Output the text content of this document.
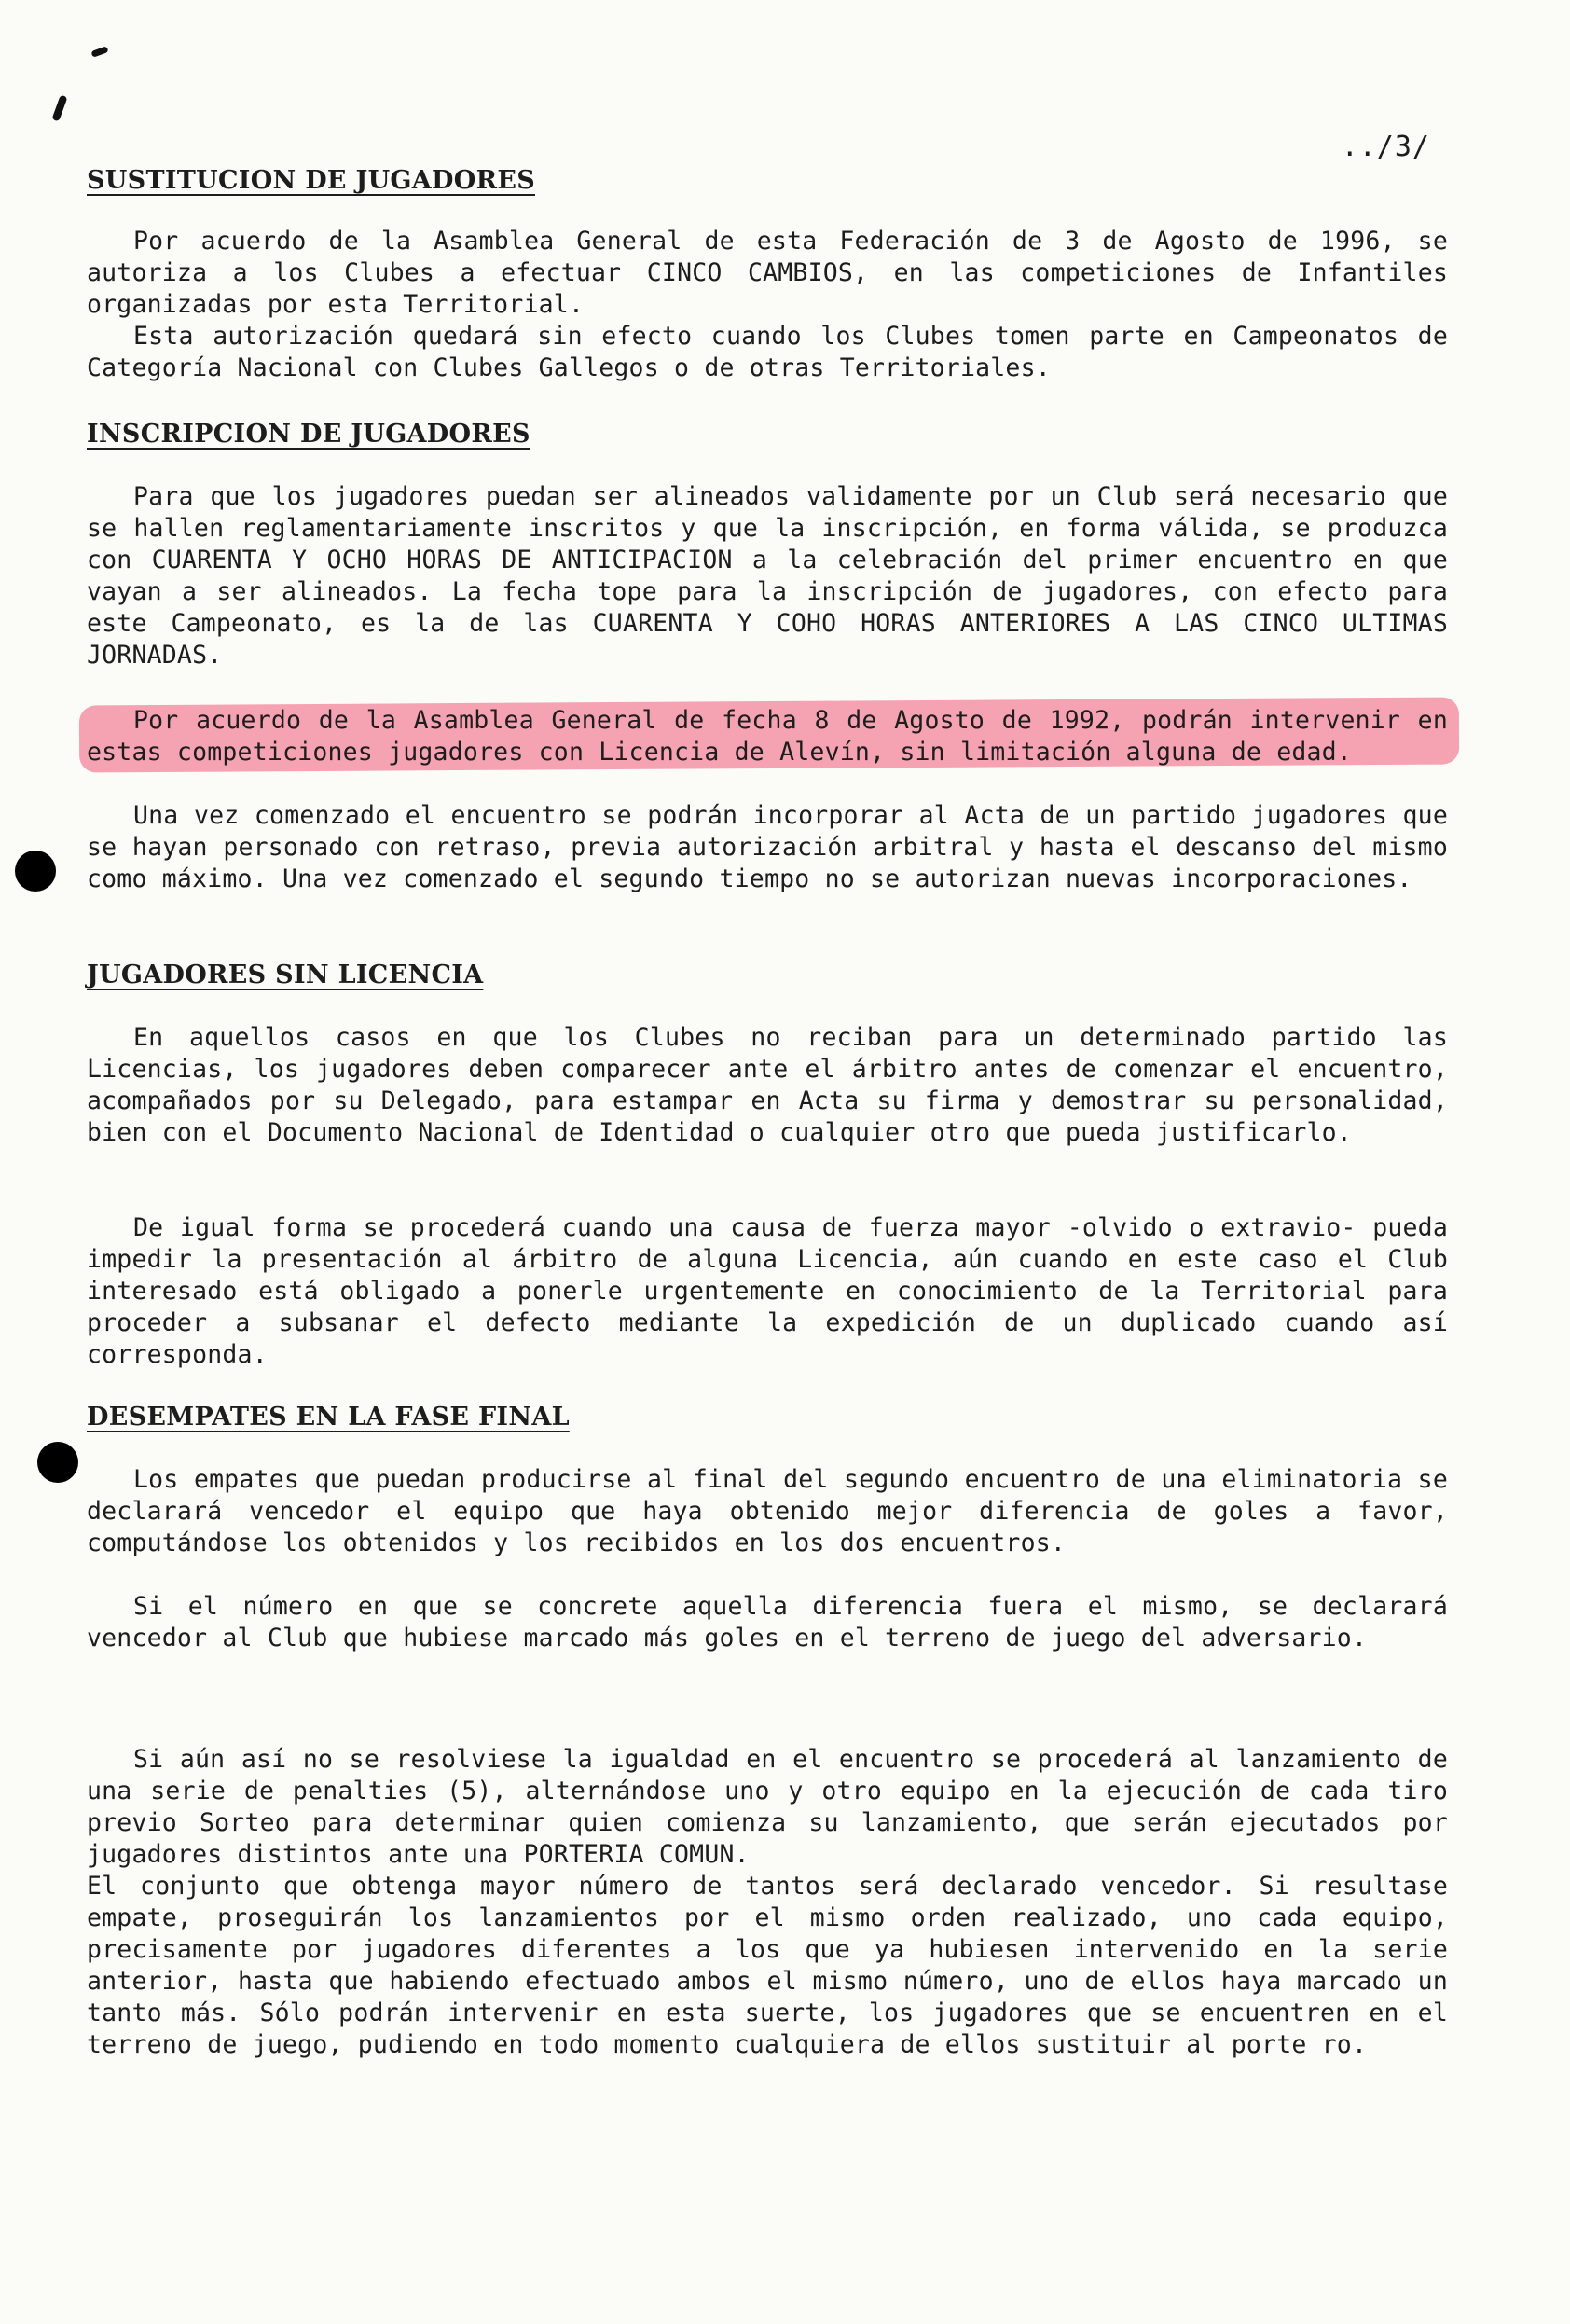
../3/
SUSTITUCION DE JUGADORES

Por acuerdo de la Asamblea General de esta Federación de 3 de Agosto de 1996, se autoriza a los Clubes a efectuar CINCO CAMBIOS, en las competiciones de Infantiles organizadas por esta Territorial.

Esta autorización quedará sin efecto cuando los Clubes tomen parte en Campeonatos de Categoría Nacional con Clubes Gallegos o de otras Territoriales.

INSCRIPCION DE JUGADORES

Para que los jugadores puedan ser alineados validamente por un Club será necesario que se hallen reglamentariamente inscritos y que la inscripción, en forma válida, se produzca con CUARENTA Y OCHO HORAS DE ANTICIPACION a la celebración del primer encuentro en que vayan a ser alineados. La fecha tope para la inscripción de jugadores, con efecto para este Campeonato, es la de las CUARENTA Y COHO HORAS ANTERIORES A LAS CINCO ULTIMAS JORNADAS.

Por acuerdo de la Asamblea General de fecha 8 de Agosto de 1992, podrán intervenir en estas competiciones jugadores con Licencia de Alevín, sin limitación alguna de edad.

Una vez comenzado el encuentro se podrán incorporar al Acta de un partido jugadores que se hayan personado con retraso, previa autorización arbitral y hasta el descanso del mismo como máximo. Una vez comenzado el segundo tiempo no se autorizan nuevas incorporaciones.

JUGADORES SIN LICENCIA

En aquellos casos en que los Clubes no reciban para un determinado partido las Licencias, los jugadores deben comparecer ante el árbitro antes de comenzar el encuentro, acompañados por su Delegado, para estampar en Acta su firma y demostrar su personalidad, bien con el Documento Nacional de Identidad o cualquier otro que pueda justificarlo.

De igual forma se procederá cuando una causa de fuerza mayor -olvido o extravio- pueda impedir la presentación al árbitro de alguna Licencia, aún cuando en este caso el Club interesado está obligado a ponerle urgentemente en conocimiento de la Territorial para proceder a subsanar el defecto mediante la expedición de un duplicado cuando así corresponda.

DESEMPATES EN LA FASE FINAL

Los empates que puedan producirse al final del segundo encuentro de una eliminatoria se declarará vencedor el equipo que haya obtenido mejor diferencia de goles a favor, computándose los obtenidos y los recibidos en los dos encuentros.

Si el número en que se concrete aquella diferencia fuera el mismo, se declarará vencedor al Club que hubiese marcado más goles en el terreno de juego del adversario.

Si aún así no se resolviese la igualdad en el encuentro se procederá al lanzamiento de una serie de penalties (5), alternándose uno y otro equipo en la ejecución de cada tiro previo Sorteo para determinar quien comienza su lanzamiento, que serán ejecutados por jugadores distintos ante una PORTERIA COMUN.

El conjunto que obtenga mayor número de tantos será declarado vencedor. Si resultase empate, proseguirán los lanzamientos por el mismo orden realizado, uno cada equipo, precisamente por jugadores diferentes a los que ya hubiesen intervenido en la serie anterior, hasta que habiendo efectuado ambos el mismo número, uno de ellos haya marcado un tanto más. Sólo podrán intervenir en esta suerte, los jugadores que se encuentren en el terreno de juego, pudiendo en todo momento cualquiera de ellos sustituir al porte ro.
